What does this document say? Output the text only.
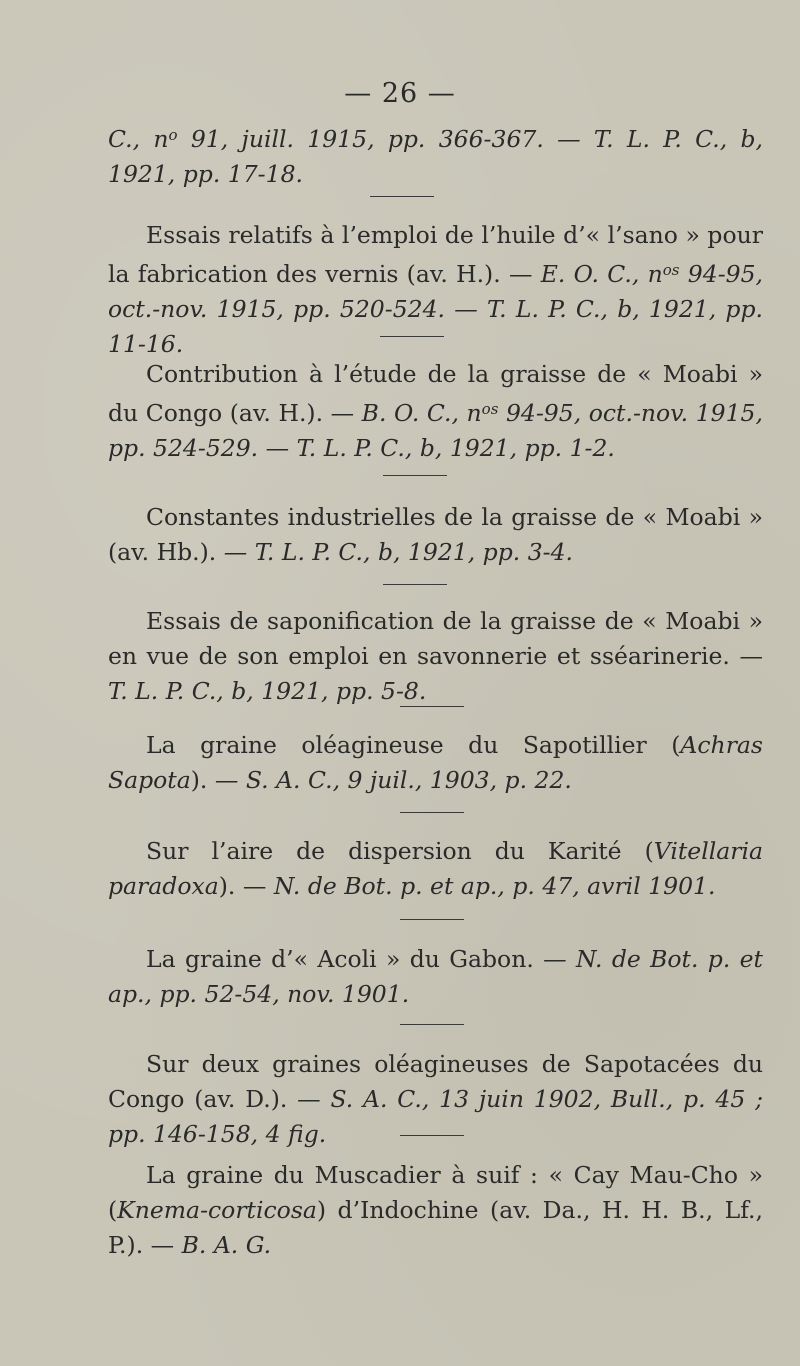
— 26 —
C., $n^o$ 91, juill. 1915, pp. 366-367. — T. L. P. C., b, 1921, pp. 17-18.
Essais relatifs à l’emploi de l’huile d’« l’sano » pour la fabrication des vernis (av. H.). — E. O. C., $n^{os}$ 94-95, oct.-nov. 1915, pp. 520-524. — T. L. P. C., b, 1921, pp. 11-16.
Contribution à l’étude de la graisse de « Moabi » du Congo (av. H.). — B. O. C., $n^{os}$ 94-95, oct.-nov. 1915, pp. 524-529. — T. L. P. C., b, 1921, pp. 1-2.
Constantes industrielles de la graisse de « Moabi » (av. Hb.). — T. L. P. C., b, 1921, pp. 3-4.
Essais de saponification de la graisse de « Moabi » en vue de son emploi en savonnerie et sséarinerie. — T. L. P. C., b, 1921, pp. 5-8.
La graine oléagineuse du Sapotillier (Achras Sapota). — S. A. C., 9 juil., 1903, p. 22.
Sur l’aire de dispersion du Karité (Vitellaria paradoxa). — N. de Bot. p. et ap., p. 47, avril 1901.
La graine d’« Acoli » du Gabon. — N. de Bot. p. et ap., pp. 52-54, nov. 1901.
Sur deux graines oléagineuses de Sapotacées du Congo (av. D.). — S. A. C., 13 juin 1902, Bull., p. 45 ; pp. 146-158, 4 fig.
La graine du Muscadier à suif : « Cay Mau-Cho » (Knema-corticosa) d’Indochine (av. Da., H. H. B., Lf., P.). — B. A. G.
